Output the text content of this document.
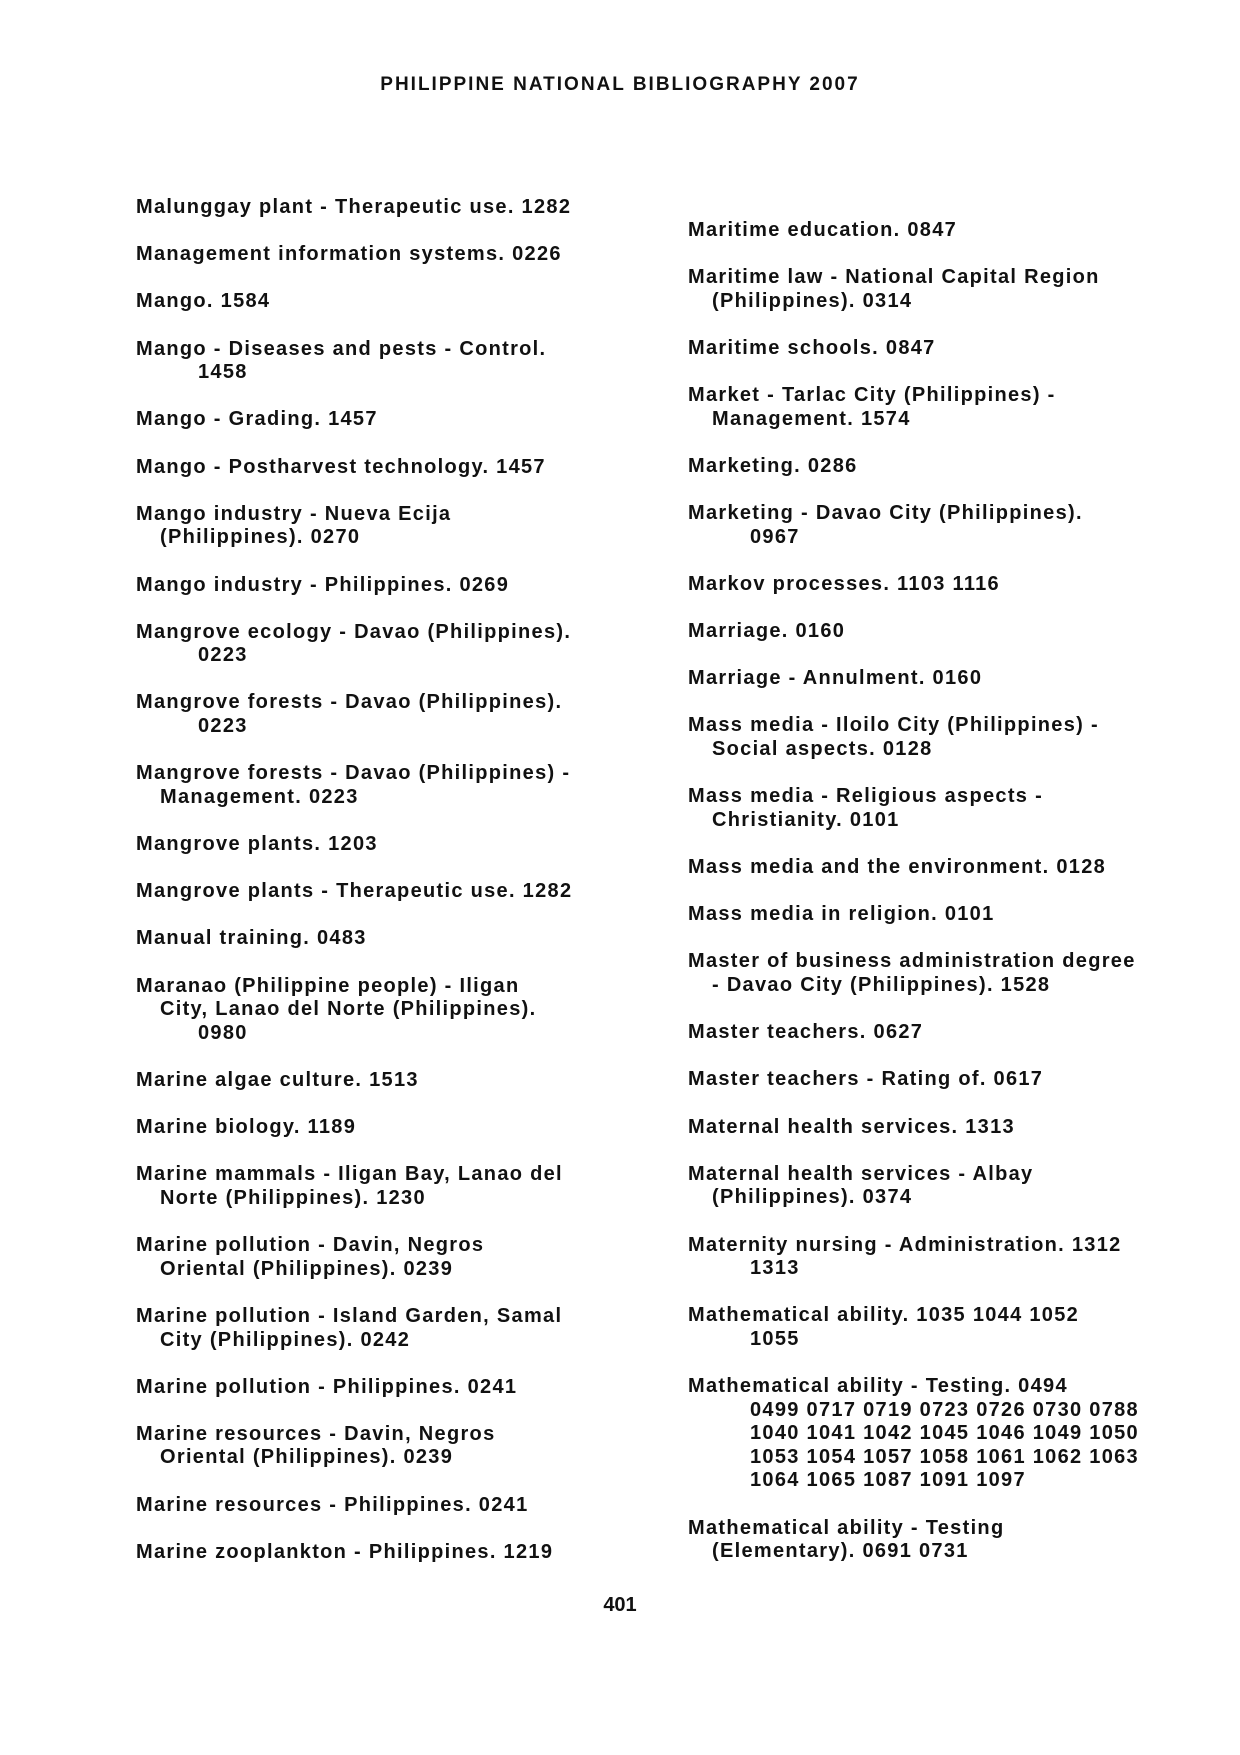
PHILIPPINE NATIONAL BIBLIOGRAPHY 2007
Malunggay plant - Therapeutic use. 1282
Management information systems. 0226
Mango. 1584
Mango - Diseases and pests - Control.
1458
Mango - Grading. 1457
Mango - Postharvest technology. 1457
Mango industry - Nueva Ecija
(Philippines). 0270
Mango industry - Philippines. 0269
Mangrove ecology - Davao (Philippines).
0223
Mangrove forests - Davao (Philippines).
0223
Mangrove forests - Davao (Philippines) -
Management. 0223
Mangrove plants. 1203
Mangrove plants - Therapeutic use. 1282
Manual training. 0483
Maranao (Philippine people) - Iligan
City, Lanao del Norte (Philippines).
0980
Marine algae culture. 1513
Marine biology. 1189
Marine mammals - Iligan Bay, Lanao del
Norte (Philippines). 1230
Marine pollution - Davin, Negros
Oriental (Philippines). 0239
Marine pollution - Island Garden, Samal
City (Philippines). 0242
Marine pollution - Philippines. 0241
Marine resources - Davin, Negros
Oriental (Philippines). 0239
Marine resources - Philippines. 0241
Marine zooplankton - Philippines. 1219
Maritime education. 0847
Maritime law - National Capital Region
(Philippines). 0314
Maritime schools. 0847
Market - Tarlac City (Philippines) -
Management. 1574
Marketing. 0286
Marketing - Davao City (Philippines).
0967
Markov processes. 1103 1116
Marriage. 0160
Marriage - Annulment. 0160
Mass media - Iloilo City (Philippines) -
Social aspects. 0128
Mass media - Religious aspects -
Christianity. 0101
Mass media and the environment. 0128
Mass media in religion. 0101
Master of business administration degree
- Davao City (Philippines). 1528
Master teachers. 0627
Master teachers - Rating of. 0617
Maternal health services. 1313
Maternal health services - Albay
(Philippines). 0374
Maternity nursing - Administration. 1312
1313
Mathematical ability. 1035 1044 1052
1055
Mathematical ability - Testing. 0494
0499 0717 0719 0723 0726 0730 0788
1040 1041 1042 1045 1046 1049 1050
1053 1054 1057 1058 1061 1062 1063
1064 1065 1087 1091 1097
Mathematical ability - Testing
(Elementary). 0691 0731
401
